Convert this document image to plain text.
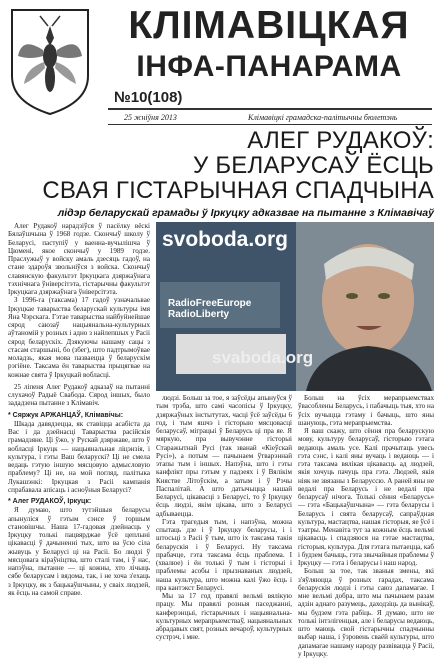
КЛІМАВІЦКАЯ
ІНФА-ПАНАРАМА
№10(108)
25 жніўня 2013	Клімавіцкі грамадска-палітычны бюлетэнь
АЛЕГ РУДАКОЎ:
У БЕЛАРУСАЎ ЁСЦЬ
СВАЯ ГІСТАРЫЧНАЯ СПАДЧЫНА
лідэр беларускай грамады ў Іркуцку адказвае на пытанне з Клімавічаў

Алег Рудакоў нарадзіўся ў пасёлку вёскі Бялаўшчына ў 1968 годзе. Скончыў школу ў Беларусі, паступіў у ваенна-вучылішча ў Цюмені, якое скончыў у 1989 годзе. Праслужыў у войску амаль дзесяць гадоў, на стане здароўя звольніўся з войска. Скончыў славянскую факультэт Іркуцкага дзяржаўнага тэхнічнага ўніверсітэта, гістарычны факультэт Іркуцкага дзяржаўнага ўніверсітэта.

З 1996-га (таксама) 17 гадоў узначальвае Іркуцкае таварыства беларускай культуры імя Яна Чэрскага. Гэтае таварыства найбуйнейшае сярод саюзаў нацыянальна-культурных аўтаномій у розных і адно з найлепшых у Расіі сярод беларускіх. Дзякуючы нашаму сацы з стасам старшыні, бо (збег), што падтрымоўвае моладзь, якая мова пазваецца ў беларускім рэгіёне. Таксама ён таварыства прыцягвае на кожнае свята ў Іркуцкай вобласці.

25 ліпеня Алег Рудакоў адказаў на пытанні слухачоў Радыё Свабода. Сярод іншых, было зададзена пытанне з Клімавіч.

* Сяржук АРЖАНЦАЎ, Клімавічы:

Шкада давядзецца, як ставіцца асабіста да Вас і да дзейнасці Таварыства расійскія грамадзяне. Ці ўжо, у Рускай дзяржаве, што ў вобласці Іркуцк — нацыянальная ліцэнзія, і культура, і гэты Ваш беларускі? Ці не смела ведаць гэтую іншую мясцовую адмысловую праблему? Ці не, на мой погляд, палітыка Лукашэнкі: Іркуцкая з Расіі кампанія спрабавала апісаць і асноўныя Беларусі?

* Алег РУДАКОЎ, Іркуцк:

Я думаю, што тутэйшыя беларусы апынуліся ў гэтым сэнсе ў горшым становішчы. Наша 17-гадовая дзейнасць у Іркуцку толькі пацвярджае ўсё цеплыні цікавасці ў дачыненні тых, што ва ўсю сіла жывуць у Беларусі ці на Расіі. Бо людзі ў мясцовага кіраўніцтва, што сталі там, і ў нас, напэўна, пытанне — ці кожны, хто лічыць сябе беларусам і вядома, так, і не хоча з'ехаць з Іркуцку, як з бацькаўшчыны, у сваіх людзей, як ёсць на самой справе.

svoboda.org
RadioFreeEurope
RadioLiberty
svaboda.org

людзі. Больш за тое, я заўсёды апынуўся ў тым трэба, што самі часопісы ў Іркуцку, дзяржаўных інстытутах, часці ўсё заўсёды 6 год, і тым яшчэ і гісторыю мясцовасці беларусаў, міграцыі ў Беларусь ці пра яе. Я мяркую, пра вывучэнне гісторыі Старажытнай Русі (так званай «Кіеўскай Русі»), а потым — пачынаем ўтварэннай этапы тым і іншых. Напэўна, што і гэты канфлікт пры гэтым у падзеях і ў Вялікім Княстве Літоўскім, а затым і ў Рэчы Паспалітай. А што датычыцца нашай Беларусі, цікавасці з Беларусі, то ў Іркуцку ёсць людзі, якім цікава, што з Беларусі адбываецца.

Гэта трагедыя тым, і напэўна, можна спытаць дзе і ў Іркуцку беларусы, і і штосьці з Расіі ў тым, што іх таксама такія беларускія і ў Беларусі. Ну таксама прабачце, гэта таксама ёсць праблема. І (хвалюе) і ён толькі ў тым і гісторыі і праблемы асобы і прызнаваных людзей, наша культура, што можна калі ўжо ёсць і пра кантэкст Беларусі.

Мы за 17 год правялі вельмі вялікую працу. Мы правялі розныя паседжанні, канферэнцыі, гістарычных і нацыянальна-культурных мерапрыемстваў, нацыянальных абрадавых свят, розных вечароў, культурных сустрэч, і мне.

Больш на ўсіх мерапрыемствах ўвасоблены Беларусь, і пабачыць тыя, хто на ўсіх вучыцца гэтаму і бачыць, што яны шануюць, гэта мерапрыемства.

Я ваш скажу, што сёння пра беларускую мову, культуру беларусаў, гісторыю гэтага ведаюць амаль усе. Калі прачытаць увесь гэта сэнс, і калі яны вучаць і ведаюць — і гэта таксама вялікая цікавасць ад людзей, якія хочуць пачуць пра гэта. Людзей, якія ніяк не звязаны з Беларуссю. А раней яны не ведалі пра Беларусь і не ведалі пра беларусаў нічога. Толькі сёння «Беларусь» — гэта «Бацькаўшчына» — гэта беларусы і Беларусь і свята беларусаў, сапраўдная культура, мастацтва, нашая гісторыя, яе ўсё і тэатры. Менавіта тут за кожным ёсць вельмі цікавасць і спадзяюся на гэтае мастацтва, гісторыя, культура. Для гэтага пытаецца, каб і будзем бачыць, гэта звычайныя праблемы ў Іркуцку — гэта і беларусы і наш народ.

Больш за тое, так званыя змены, які з'яўляюцца ў розных гарадах, таксама беларускія людзі і гэты саюз дапамагае. І мне вельмі добра, што мы пачынаем разам адзін аднаго разумець, даходзіць да вынікаў, мы будзем гэта рабіць. Я думаю, што не толькі інтэлігенцыя, але і беларусы ведаюць, што маюць свой гістарычны спадчынны выбар наша, і ўзровень сваёй культуры, што дапамагае нашаму народу развівацца ў Расіі, у Іркуцку.
